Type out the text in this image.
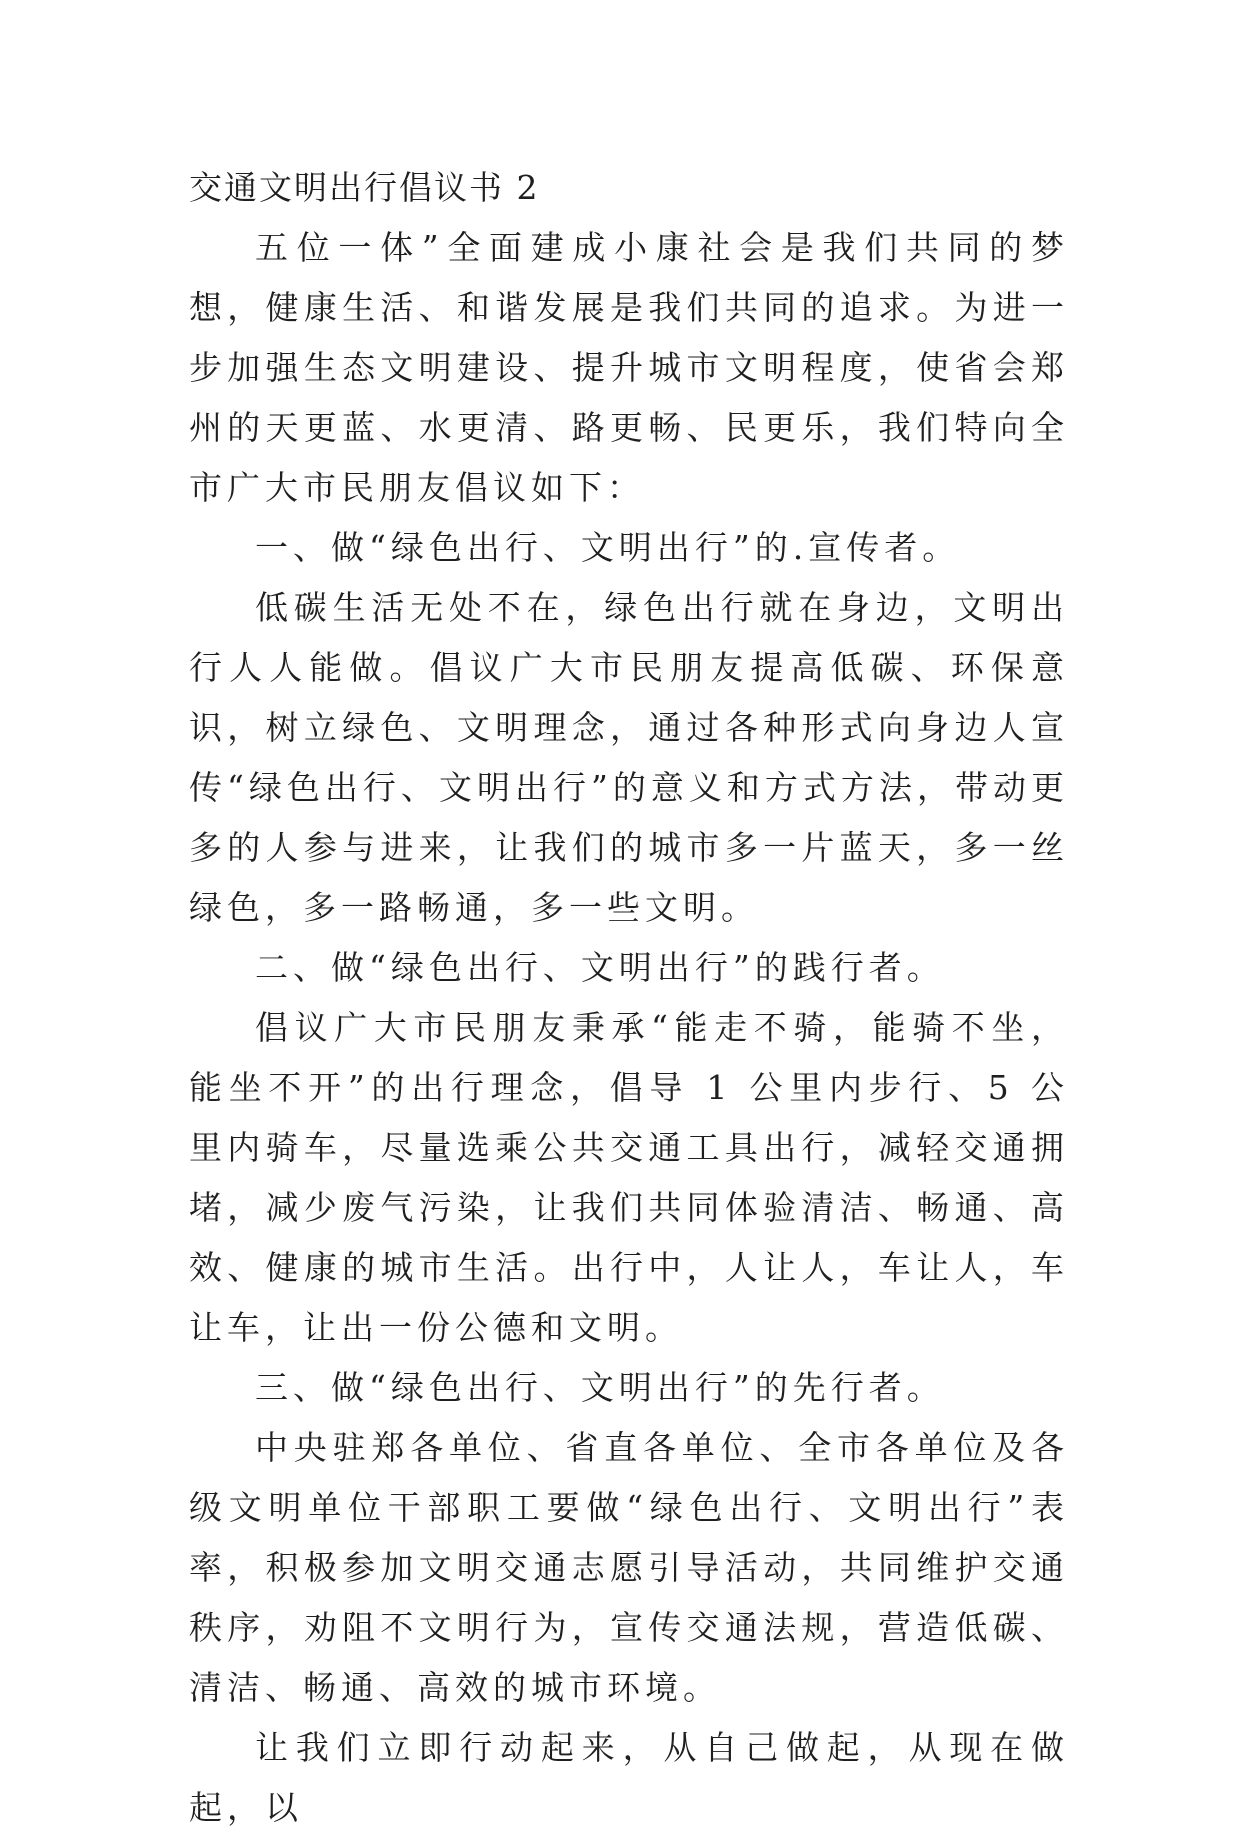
交通文明出行倡议书 2

五位一体”全面建成小康社会是我们共同的梦想，健康生活、和谐发展是我们共同的追求。为进一步加强生态文明建设、提升城市文明程度，使省会郑州的天更蓝、水更清、路更畅、民更乐，我们特向全市广大市民朋友倡议如下：

一、做“绿色出行、文明出行”的.宣传者。

低碳生活无处不在，绿色出行就在身边，文明出行人人能做。倡议广大市民朋友提高低碳、环保意识，树立绿色、文明理念，通过各种形式向身边人宣传“绿色出行、文明出行”的意义和方式方法，带动更多的人参与进来，让我们的城市多一片蓝天，多一丝绿色，多一路畅通，多一些文明。

二、做“绿色出行、文明出行”的践行者。

倡议广大市民朋友秉承“能走不骑，能骑不坐，能坐不开”的出行理念，倡导 1 公里内步行、5 公里内骑车，尽量选乘公共交通工具出行，减轻交通拥堵，减少废气污染，让我们共同体验清洁、畅通、高效、健康的城市生活。出行中，人让人，车让人，车让车，让出一份公德和文明。

三、做“绿色出行、文明出行”的先行者。

中央驻郑各单位、省直各单位、全市各单位及各级文明单位干部职工要做“绿色出行、文明出行”表率，积极参加文明交通志愿引导活动，共同维护交通秩序，劝阻不文明行为，宣传交通法规，营造低碳、清洁、畅通、高效的城市环境。

让我们立即行动起来，从自己做起，从现在做起，以
